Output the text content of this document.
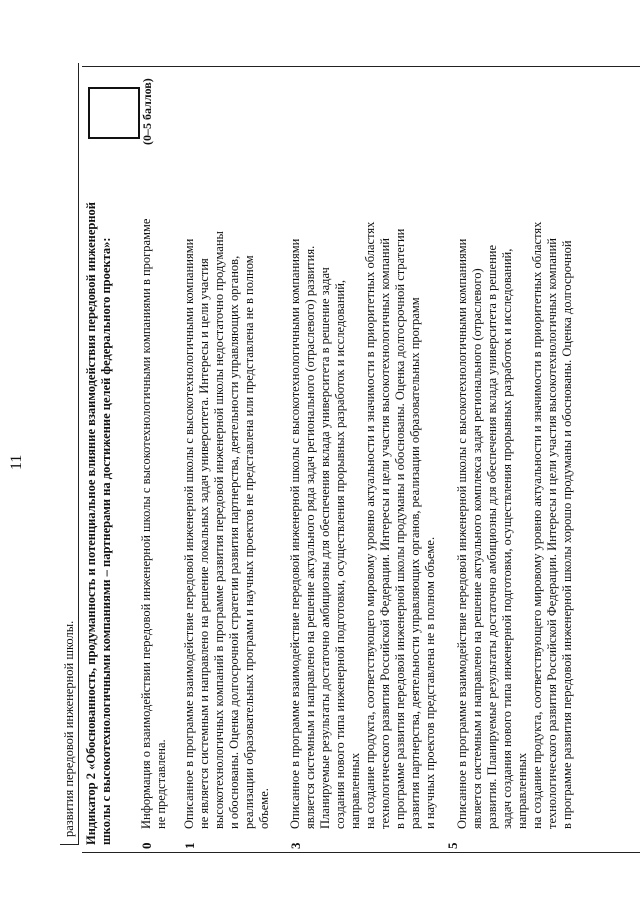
11
развития передовой инженерной школы. Индикатор 2 «Обоснованность, продуманность и потенциальное влияние взаимодействия передовой инженерной школы с высокотехнологичными компаниями – партнерами на достижение целей федерального проекта»:
(0–5 баллов)
0
Информация о взаимодействии передовой инженерной школы с высокотехнологичными компаниями в программе не представлена.
1
Описанное в программе взаимодействие передовой инженерной школы с высокотехнологичными компаниями не является системным и направлено на решение локальных задач университета. Интересы и цели участия высокотехнологичных компаний в программе развития передовой инженерной школы недостаточно продуманы и обоснованы. Оценка долгосрочной стратегии развития партнерства, деятельности управляющих органов, реализации образовательных программ и научных проектов не представлена или представлена не в полном объеме.
3
Описанное в программе взаимодействие передовой инженерной школы с высокотехнологичными компаниями является системным и направлено на решение актуального ряда задач регионального (отраслевого) развития. Планируемые результаты достаточно амбициозны для обеспечения вклада университета в решение задач создания нового типа инженерной подготовки, осуществления прорывных разработок и исследований, направленных на создание продукта, соответствующего мировому уровню актуальности и значимости в приоритетных областях технологического развития Российской Федерации. Интересы и цели участия высокотехнологичных компаний в программе развития передовой инженерной школы продуманы и обоснованы. Оценка долгосрочной стратегии развития партнерства, деятельности управляющих органов, реализации образовательных программ и научных проектов представлена не в полном объеме.
5
Описанное в программе взаимодействие передовой инженерной школы с высокотехнологичными компаниями является системным и направлено на решение актуального комплекса задач регионального (отраслевого) развития. Планируемые результаты достаточно амбициозны для обеспечения вклада университета в решение задач создания нового типа инженерной подготовки, осуществления прорывных разработок и исследований, направленных на создание продукта, соответствующего мировому уровню актуальности и значимости в приоритетных областях технологического развития Российской Федерации. Интересы и цели участия высокотехнологичных компаний в программе развития передовой инженерной школы хорошо продуманы и обоснованы. Оценка долгосрочной
